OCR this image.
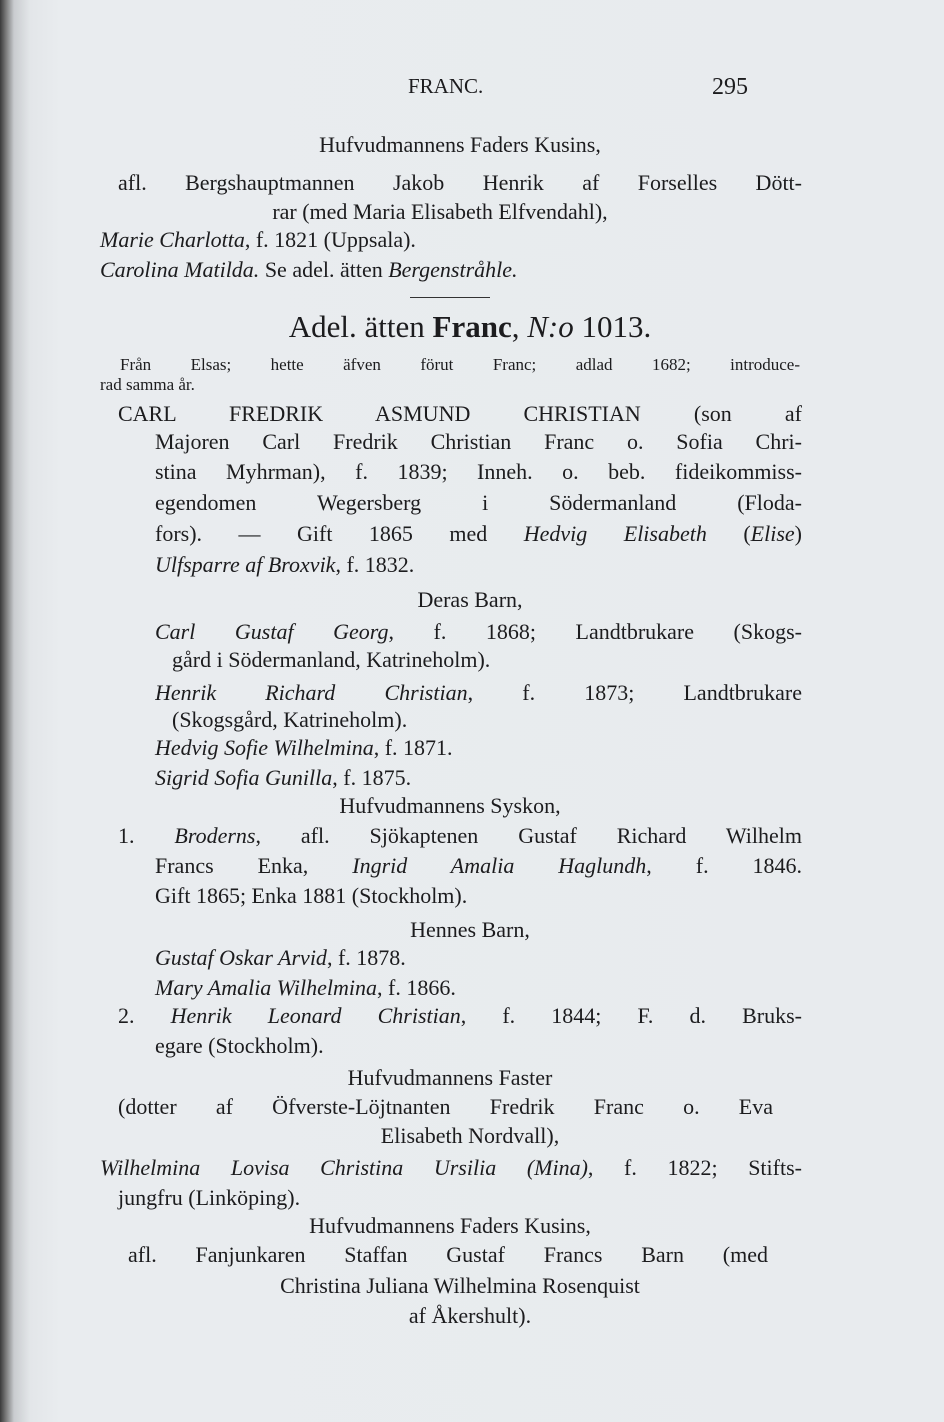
FRANC.	295
Adel. ätten Franc, N:o 1013.
Hufvudmannens Faders Kusins,
afl. Bergshauptmannen Jakob Henrik af Forselles Dött-
rar (med Maria Elisabeth Elfvendahl),
Marie Charlotta, f. 1821 (Uppsala).
Carolina Matilda. Se adel. ätten Bergenstråhle.
Från Elsas; hette äfven förut Franc; adlad 1682; introduce-
rad samma år.
CARL FREDRIK ASMUND CHRISTIAN (son af
Majoren Carl Fredrik Christian Franc o. Sofia Chri-
stina Myhrman), f. 1839; Inneh. o. beb. fideikommiss-
egendomen Wegersberg i Södermanland (Floda-
fors). — Gift 1865 med Hedvig Elisabeth (Elise)
Ulfsparre af Broxvik, f. 1832.
Deras Barn,
Carl Gustaf Georg, f. 1868; Landtbrukare (Skogs-
gård i Södermanland, Katrineholm).
Henrik Richard Christian, f. 1873; Landtbrukare
(Skogsgård, Katrineholm).
Hedvig Sofie Wilhelmina, f. 1871.
Sigrid Sofia Gunilla, f. 1875.
Hufvudmannens Syskon,
1. Broderns, afl. Sjökaptenen Gustaf Richard Wilhelm
Francs Enka, Ingrid Amalia Haglundh, f. 1846.
Gift 1865; Enka 1881 (Stockholm).
Hennes Barn,
Gustaf Oskar Arvid, f. 1878.
Mary Amalia Wilhelmina, f. 1866.
2. Henrik Leonard Christian, f. 1844; F. d. Bruks-
egare (Stockholm).
Hufvudmannens Faster
(dotter af Öfverste-Löjtnanten Fredrik Franc o. Eva
Elisabeth Nordvall),
Wilhelmina Lovisa Christina Ursilia (Mina), f. 1822; Stifts-
jungfru (Linköping).
Hufvudmannens Faders Kusins,
afl. Fanjunkaren Staffan Gustaf Francs Barn (med
Christina Juliana Wilhelmina Rosenquist
af Åkershult).
